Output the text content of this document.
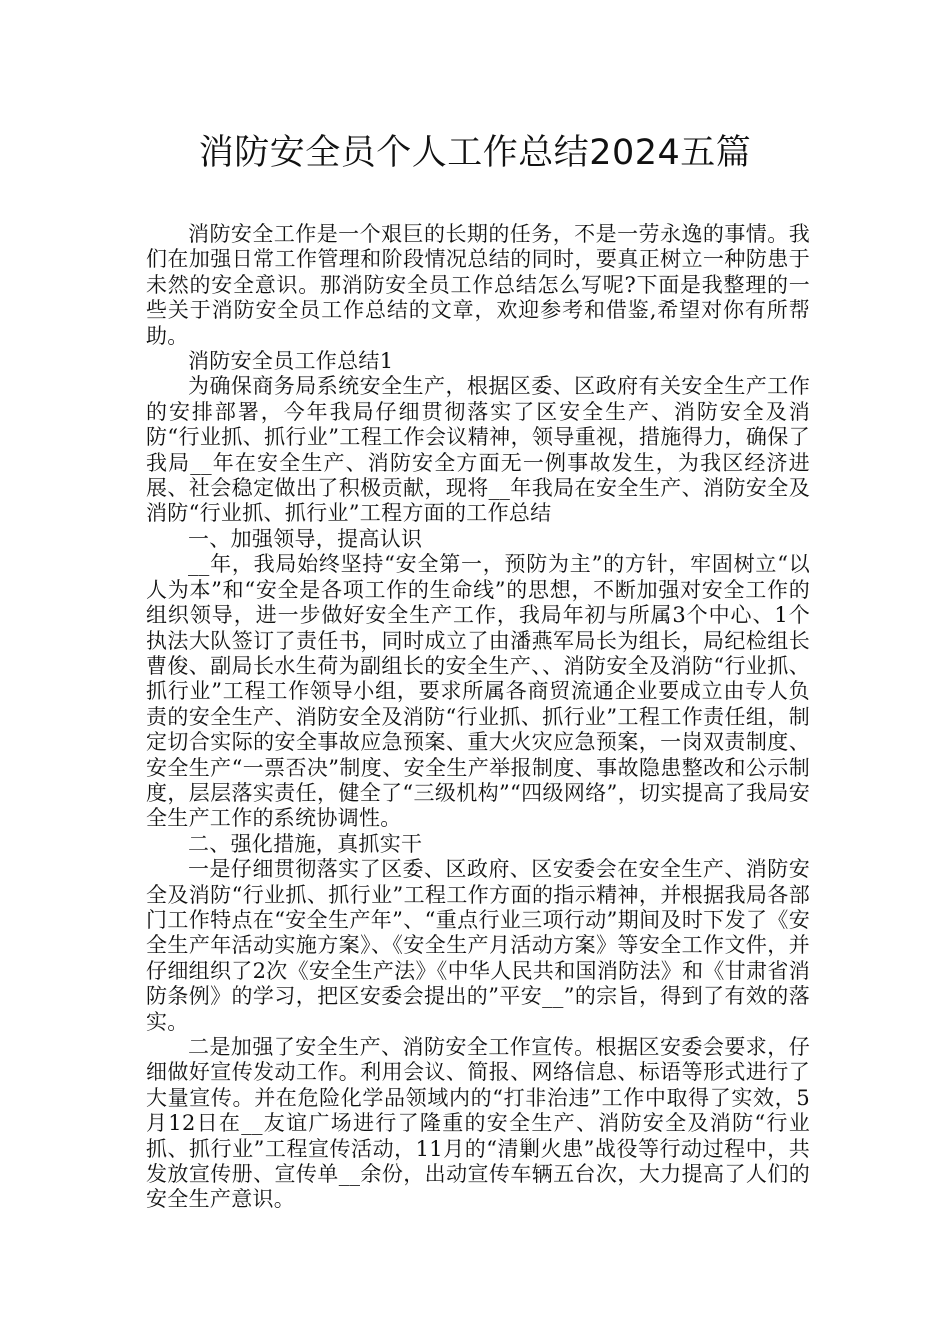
消防安全员个人工作总结2024五篇

消防安全工作是一个艰巨的长期的任务，不是一劳永逸的事情。我们在加强日常工作管理和阶段情况总结的同时，要真正树立一种防患于未然的安全意识。那消防安全员工作总结怎么写呢?下面是我整理的一些关于消防安全员工作总结的文章，欢迎参考和借鉴,希望对你有所帮助。

消防安全员工作总结1

为确保商务局系统安全生产，根据区委、区政府有关安全生产工作的安排部署，今年我局仔细贯彻落实了区安全生产、消防安全及消防“行业抓、抓行业”工程工作会议精神，领导重视，措施得力，确保了我局__年在安全生产、消防安全方面无一例事故发生，为我区经济进展、社会稳定做出了积极贡献，现将__年我局在安全生产、消防安全及消防“行业抓、抓行业”工程方面的工作总结

一、加强领导，提高认识

__年，我局始终坚持“安全第一，预防为主”的方针，牢固树立“以人为本”和“安全是各项工作的生命线”的思想，不断加强对安全工作的组织领导，进一步做好安全生产工作，我局年初与所属3个中心、1个执法大队签订了责任书，同时成立了由潘燕军局长为组长，局纪检组长曹俊、副局长水生荷为副组长的安全生产、、消防安全及消防“行业抓、抓行业”工程工作领导小组，要求所属各商贸流通企业要成立由专人负责的安全生产、消防安全及消防“行业抓、抓行业”工程工作责任组，制定切合实际的安全事故应急预案、重大火灾应急预案，一岗双责制度、安全生产“一票否决”制度、安全生产举报制度、事故隐患整改和公示制度，层层落实责任，健全了“三级机构”“四级网络”，切实提高了我局安全生产工作的系统协调性。

二、强化措施，真抓实干

一是仔细贯彻落实了区委、区政府、区安委会在安全生产、消防安全及消防“行业抓、抓行业”工程工作方面的指示精神，并根据我局各部门工作特点在“安全生产年”、“重点行业三项行动”期间及时下发了《安全生产年活动实施方案》、《安全生产月活动方案》等安全工作文件，并仔细组织了2次《安全生产法》《中华人民共和国消防法》和《甘肃省消防条例》的学习，把区安委会提出的”平安__”的宗旨，得到了有效的落实。

二是加强了安全生产、消防安全工作宣传。根据区安委会要求，仔细做好宣传发动工作。利用会议、简报、网络信息、标语等形式进行了大量宣传。并在危险化学品领域内的“打非治违”工作中取得了实效，5月12日在__友谊广场进行了隆重的安全生产、消防安全及消防“行业抓、抓行业”工程宣传活动，11月的“清剿火患”战役等行动过程中，共发放宣传册、宣传单__余份，出动宣传车辆五台次，大力提高了人们的安全生产意识。
